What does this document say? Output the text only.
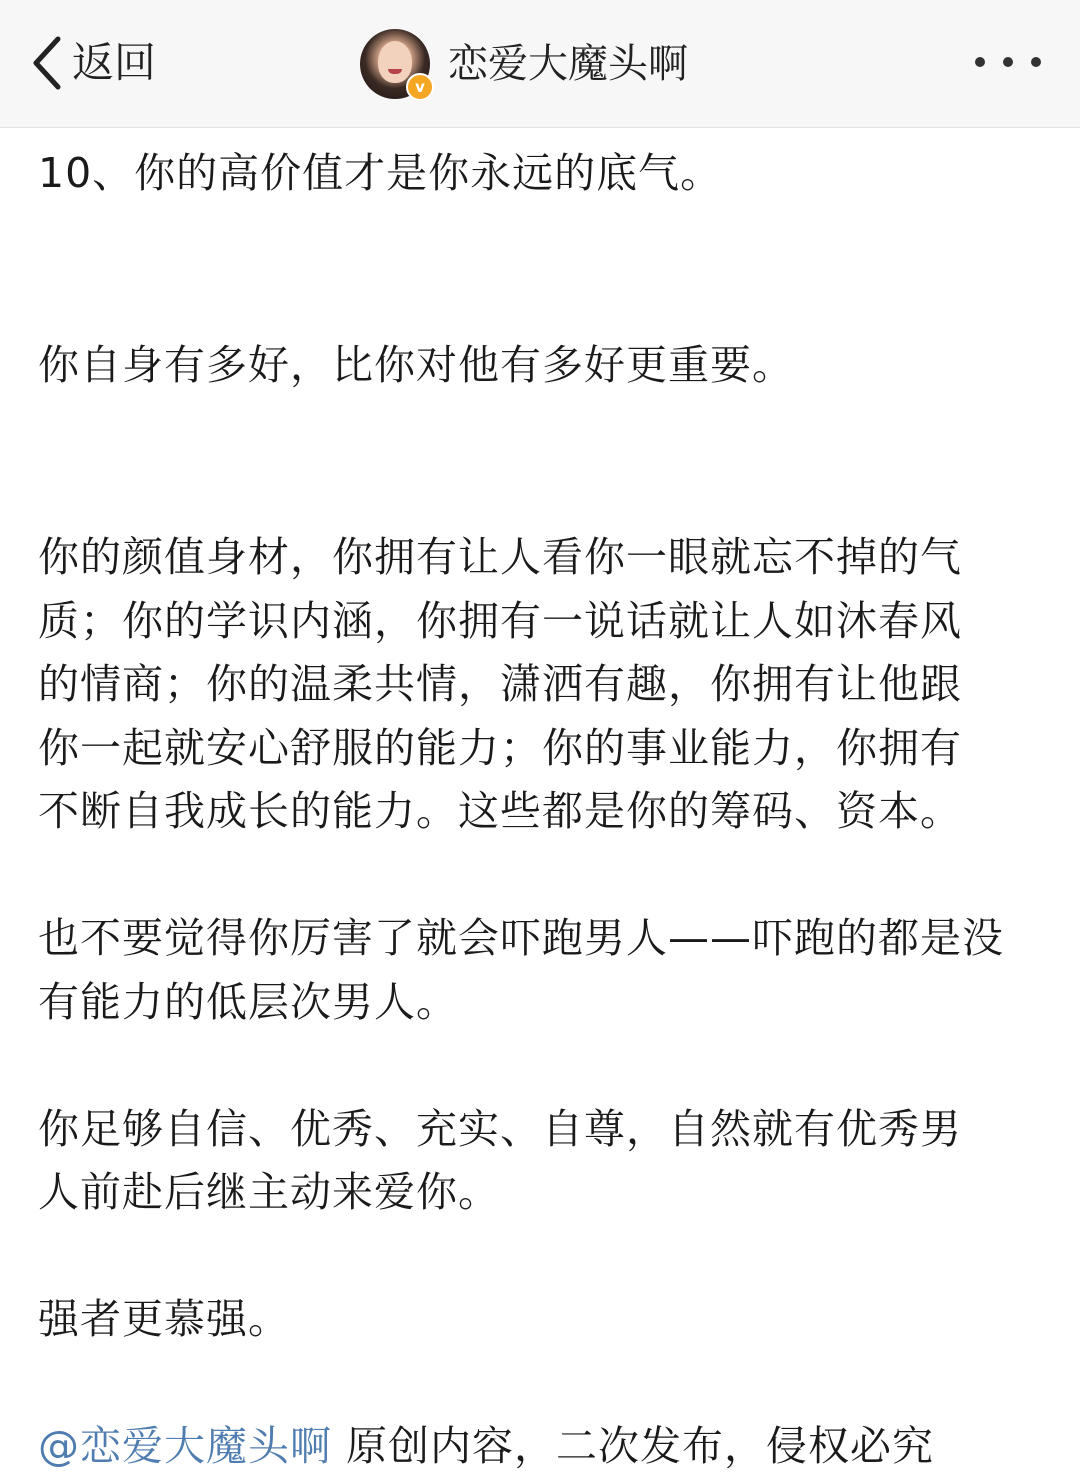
返回	v 恋爱大魔头啊

10、你的高价值才是你永远的底气。

你自身有多好，比你对他有多好更重要。

你的颜值身材，你拥有让人看你一眼就忘不掉的气

质；你的学识内涵，你拥有一说话就让人如沐春风

的情商；你的温柔共情，潇洒有趣，你拥有让他跟

你一起就安心舒服的能力；你的事业能力，你拥有

不断自我成长的能力。这些都是你的筹码、资本。

也不要觉得你厉害了就会吓跑男人——吓跑的都是没

有能力的低层次男人。

你足够自信、优秀、充实、自尊，自然就有优秀男

人前赴后继主动来爱你。

强者更慕强。

@恋爱大魔头啊 原创内容，二次发布，侵权必究
